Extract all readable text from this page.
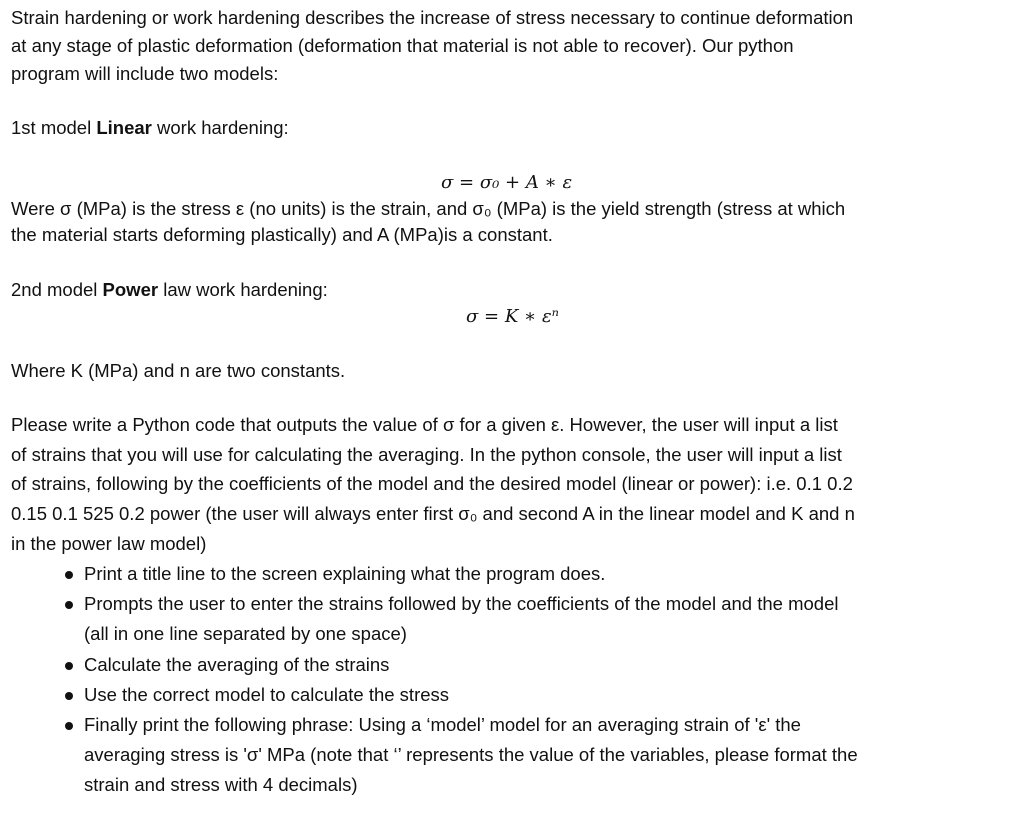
Strain hardening or work hardening describes the increase of stress necessary to continue deformation
at any stage of plastic deformation (deformation that material is not able to recover). Our python
program will include two models:
1st model Linear work hardening:
σ = σ₀ + A ∗ ε
Were σ (MPa) is the stress ε (no units) is the strain, and σ₀ (MPa) is the yield strength (stress at which
the material starts deforming plastically) and A (MPa)is a constant.
2nd model Power law work hardening:
σ = K ∗ εⁿ
Where K (MPa) and n are two constants.
Please write a Python code that outputs the value of σ for a given ε. However, the user will input a list
of strains that you will use for calculating the averaging. In the python console, the user will input a list
of strains, following by the coefficients of the model and the desired model (linear or power): i.e. 0.1 0.2
0.15 0.1 525 0.2 power (the user will always enter first σ₀ and second A in the linear model and K and n
in the power law model)
Print a title line to the screen explaining what the program does.
Prompts the user to enter the strains followed by the coefficients of the model and the model
(all in one line separated by one space)
Calculate the averaging of the strains
Use the correct model to calculate the stress
Finally print the following phrase: Using a ‘model’ model for an averaging strain of 'ε' the
averaging stress is 'σ' MPa (note that ‘’ represents the value of the variables, please format the
strain and stress with 4 decimals)
